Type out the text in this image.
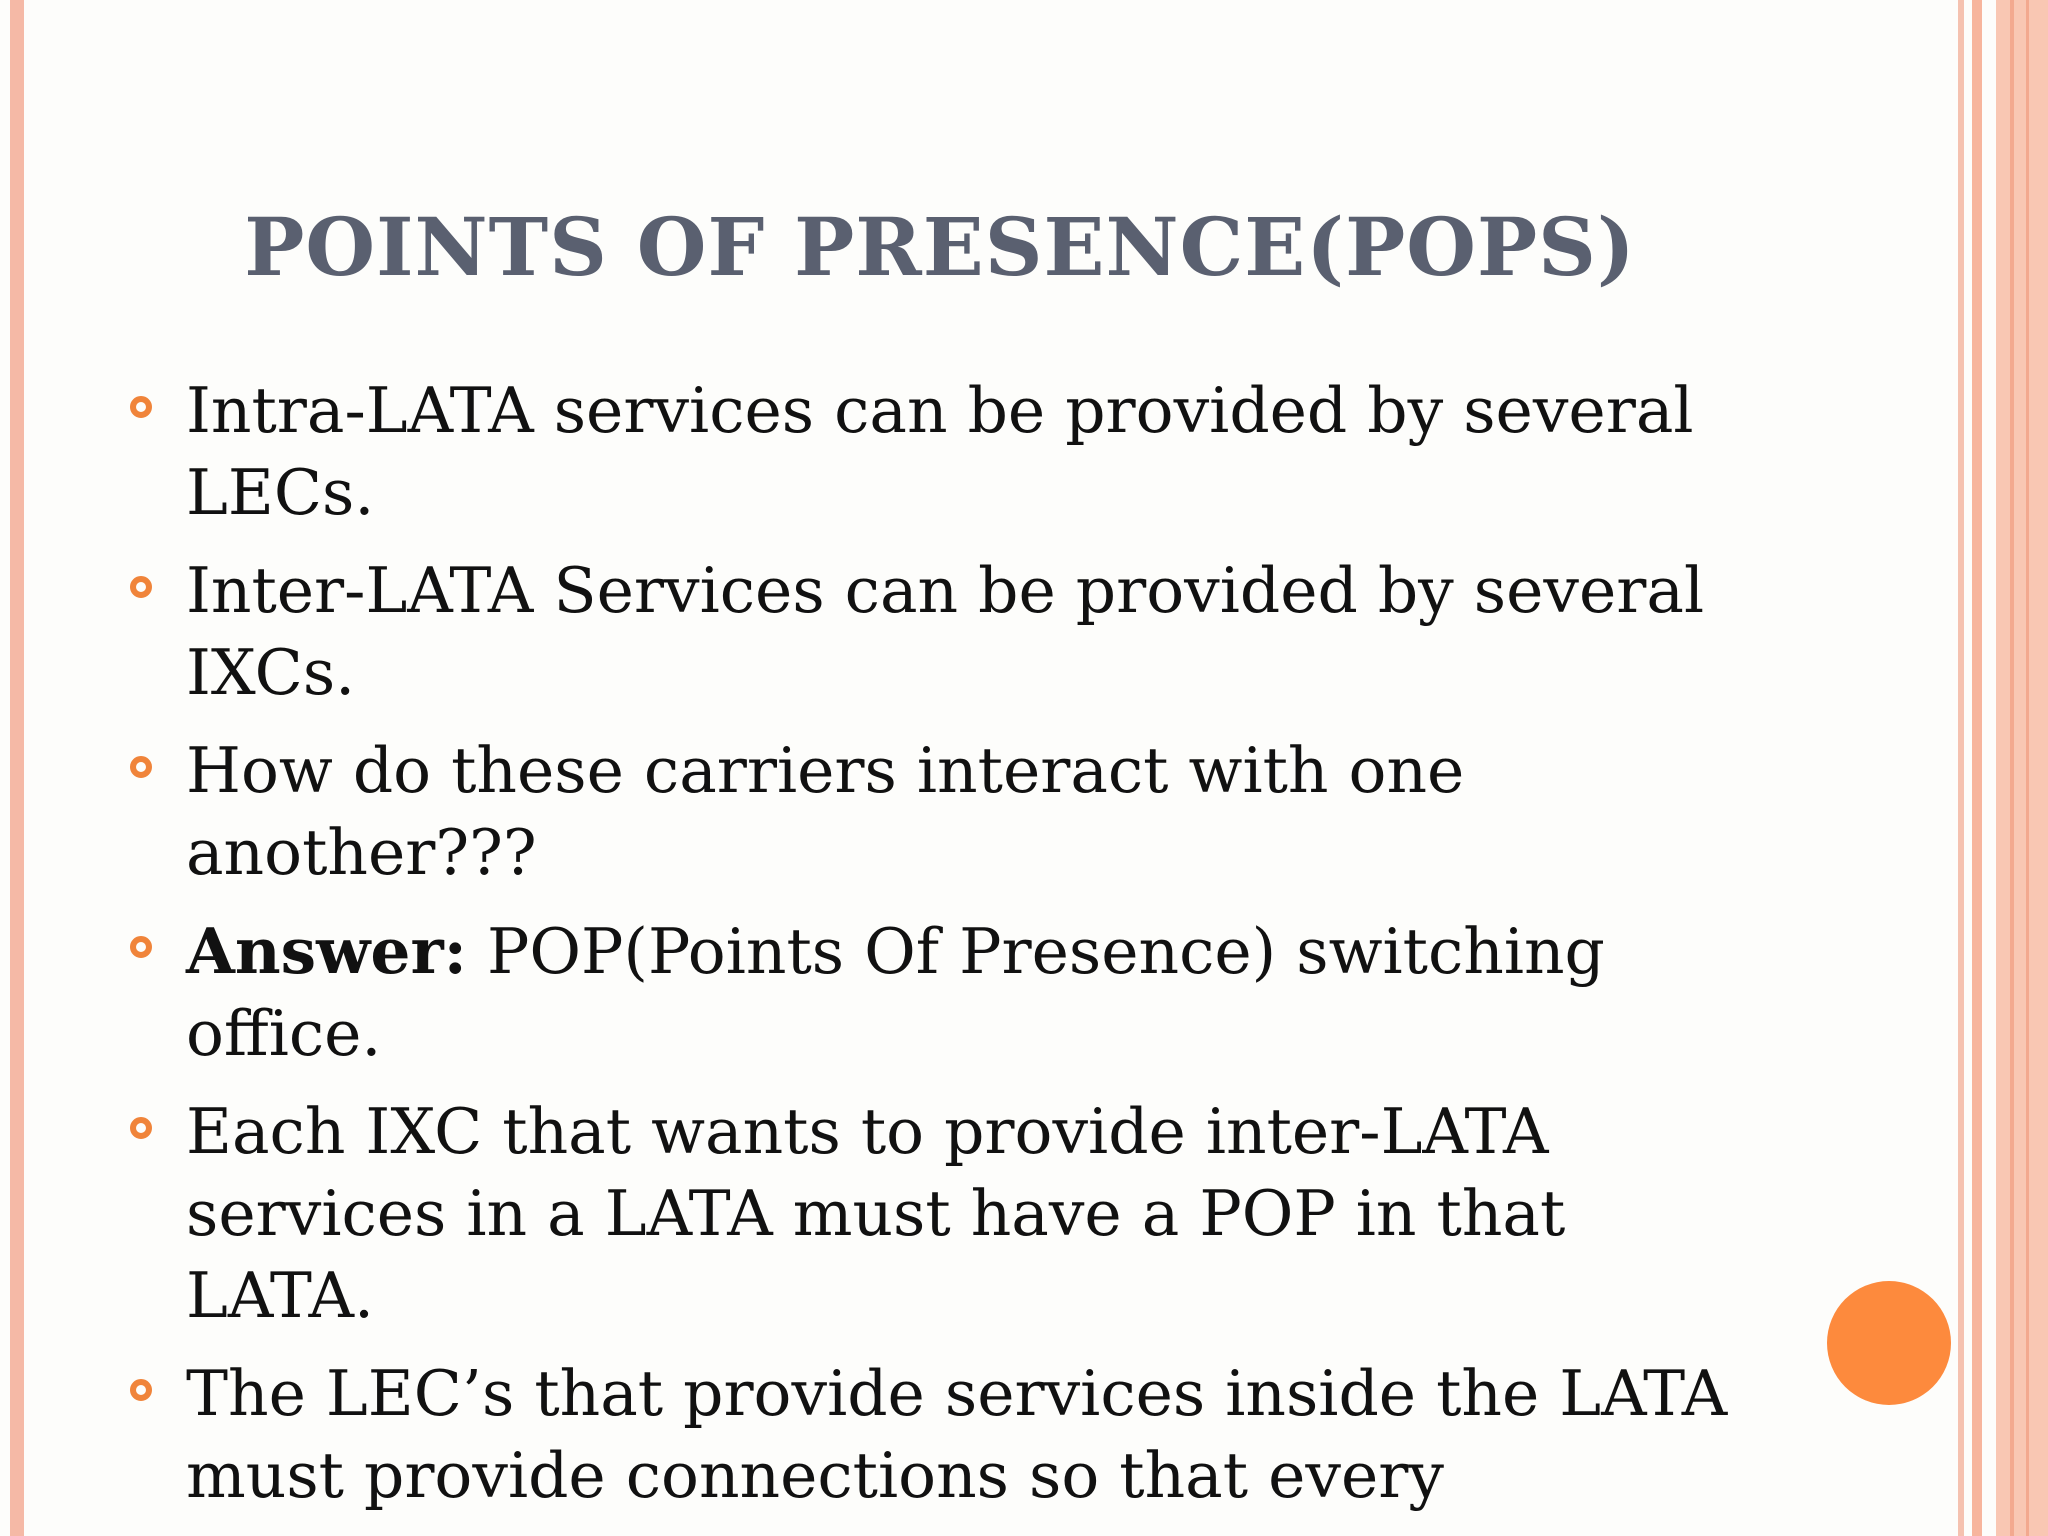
POINTS OF PRESENCE(POPS)
Intra-LATA services can be provided by several LECs.
Inter-LATA Services can be provided by several IXCs.
How do these carriers interact with one another???
Answer: POP(Points Of Presence) switching office.
Each IXC that wants to provide inter-LATA services in a LATA must have a POP in that LATA.
The LEC’s that provide services inside the LATA must provide connections so that every
